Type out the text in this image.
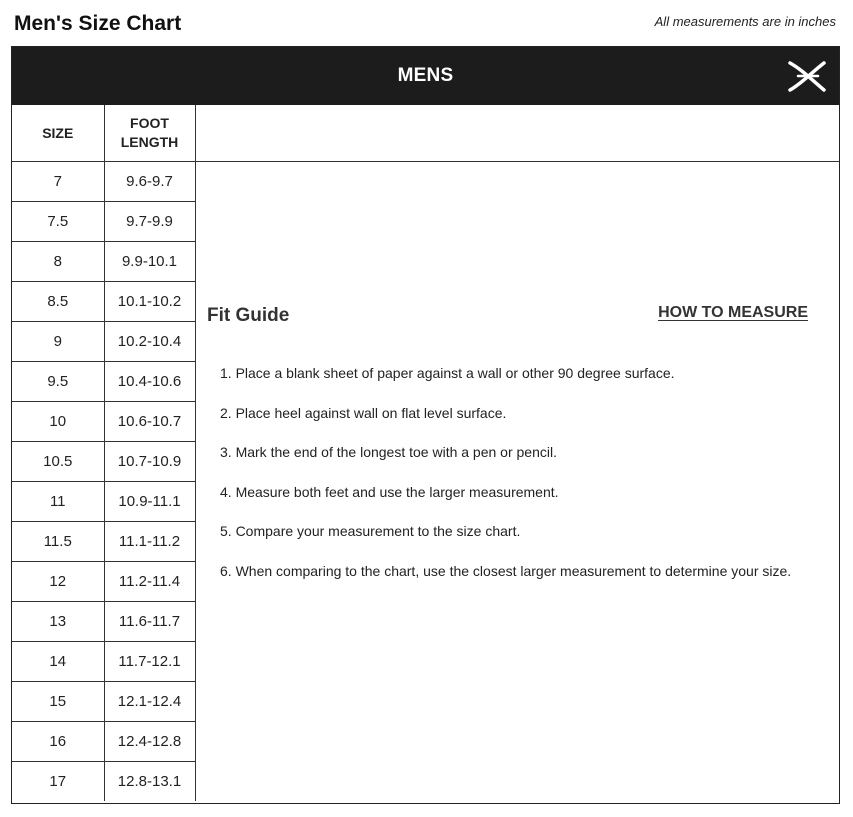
Men's Size Chart	All measurements are in inches
MENS
SIZE	FOOT
LENGTH
7	9.6-9.7
7.5	9.7-9.9
8	9.9-10.1
8.5	10.1-10.2
9	10.2-10.4
9.5	10.4-10.6
10	10.6-10.7
10.5	10.7-10.9
11	10.9-11.1
11.5	11.1-11.2
12	11.2-11.4
13	11.6-11.7
14	11.7-12.1
15	12.1-12.4
16	12.4-12.8
17	12.8-13.1
Fit Guide	HOW TO MEASURE
1. Place a blank sheet of paper against a wall or other 90 degree surface.
2. Place heel against wall on flat level surface.
3. Mark the end of the longest toe with a pen or pencil.
4. Measure both feet and use the larger measurement.
5. Compare your measurement to the size chart.
6. When comparing to the chart, use the closest larger measurement to determine your size.
